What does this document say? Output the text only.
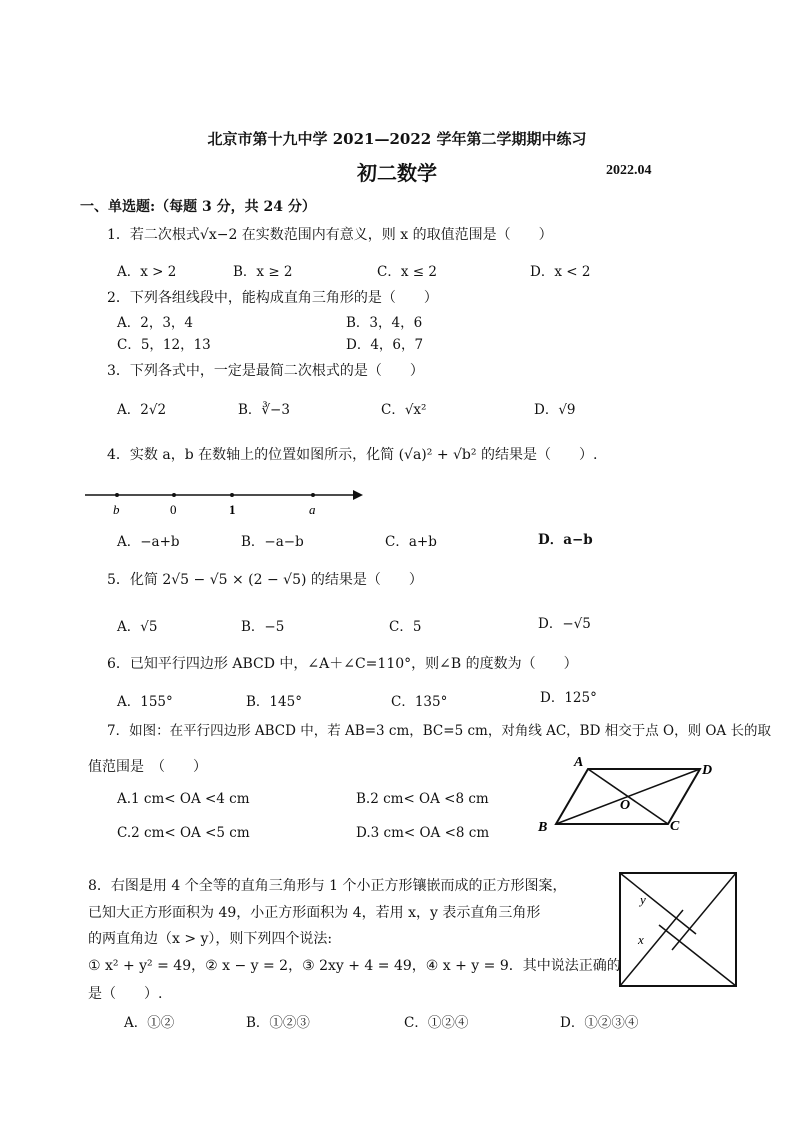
北京市第十九中学 2021—2022 学年第二学期期中练习
初二数学	2022.04
一、单选题:（每题 3 分，共 24 分）
1．若二次根式√x−2 在实数范围内有意义，则 x 的取值范围是（　　）
A．x > 2	B．x ≥ 2	C．x ≤ 2	D．x < 2
2．下列各组线段中，能构成直角三角形的是（　　）
A．2，3，4	B．3，4，6
C．5，12，13	D．4，6，7
3．下列各式中，一定是最简二次根式的是（　　）
A．2√2	B．∛−3	C．√x²	D．√9
4．实数 a，b 在数轴上的位置如图所示，化简 (√a)² + √b² 的结果是（　　）.
b	0	1	a
A．−a+b	B．−a−b	C．a+b	D．a−b
5．化简 2√5 − √5 × (2 − √5) 的结果是（　　）
A．√5	B．−5	C．5	D．−√5
6．已知平行四边形 ABCD 中，∠A＋∠C=110°，则∠B 的度数为（　　）
A．155°	B．145°	C．135°	D．125°
7．如图：在平行四边形 ABCD 中，若 AB=3 cm，BC=5 cm，对角线 AC，BD 相交于点 O，则 OA 长的取
值范围是　（　　）
A.1 cm< OA <4 cm	B.2 cm< OA <8 cm
C.2 cm< OA <5 cm	D.3 cm< OA <8 cm
A
D
O
B	C
8．右图是用 4 个全等的直角三角形与 1 个小正方形镶嵌而成的正方形图案，
已知大正方形面积为 49，小正方形面积为 4，若用 x，y 表示直角三角形
的两直角边（x > y），则下列四个说法:
① x² + y² = 49，② x − y = 2，③ 2xy + 4 = 49，④ x + y = 9．其中说法正确的
是（　　）.
A．①②	B．①②③	C．①②④	D．①②③④
y
x
